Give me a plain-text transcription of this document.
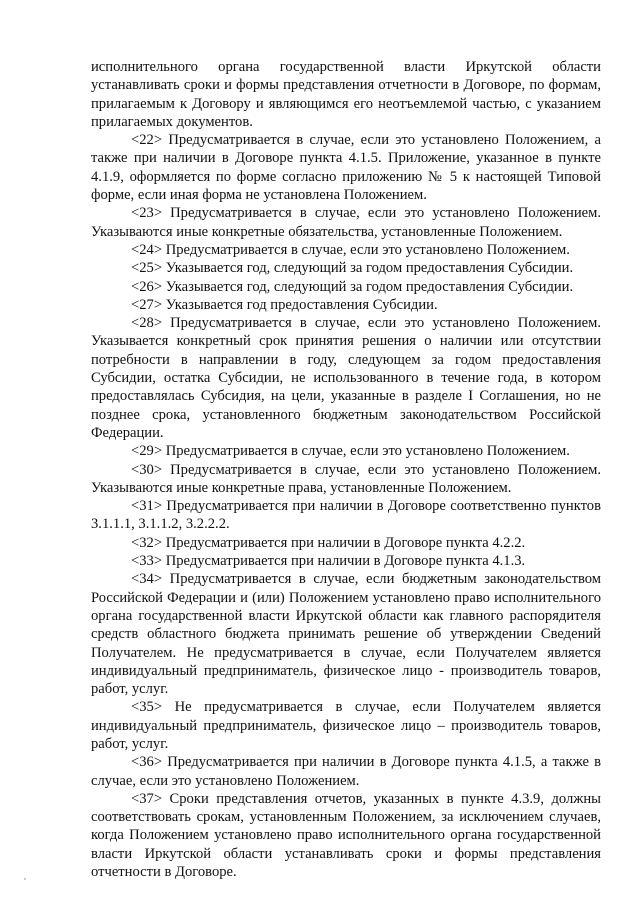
исполнительного органа государственной власти Иркутской области устанавливать сроки и формы представления отчетности в Договоре, по формам, прилагаемым к Договору и являющимся его неотъемлемой частью, с указанием прилагаемых документов.

<22> Предусматривается в случае, если это установлено Положением, а также при наличии в Договоре пункта 4.1.5. Приложение, указанное в пункте 4.1.9, оформляется по форме согласно приложению № 5 к настоящей Типовой форме, если иная форма не установлена Положением.

<23> Предусматривается в случае, если это установлено Положением. Указываются иные конкретные обязательства, установленные Положением.

<24> Предусматривается в случае, если это установлено Положением.

<25> Указывается год, следующий за годом предоставления Субсидии.

<26> Указывается год, следующий за годом предоставления Субсидии.

<27> Указывается год предоставления Субсидии.

<28> Предусматривается в случае, если это установлено Положением. Указывается конкретный срок принятия решения о наличии или отсутствии потребности в направлении в году, следующем за годом предоставления Субсидии, остатка Субсидии, не использованного в течение года, в котором предоставлялась Субсидия, на цели, указанные в разделе I Соглашения, но не позднее срока, установленного бюджетным законодательством Российской Федерации.

<29> Предусматривается в случае, если это установлено Положением.

<30> Предусматривается в случае, если это установлено Положением. Указываются иные конкретные права, установленные Положением.

<31> Предусматривается при наличии в Договоре соответственно пунктов 3.1.1.1, 3.1.1.2, 3.2.2.2.

<32> Предусматривается при наличии в Договоре пункта 4.2.2.

<33> Предусматривается при наличии в Договоре пункта 4.1.3.

<34> Предусматривается в случае, если бюджетным законодательством Российской Федерации и (или) Положением установлено право исполнительного органа государственной власти Иркутской области как главного распорядителя средств областного бюджета принимать решение об утверждении Сведений Получателем. Не предусматривается в случае, если Получателем является индивидуальный предприниматель, физическое лицо - производитель товаров, работ, услуг.

<35> Не предусматривается в случае, если Получателем является индивидуальный предприниматель, физическое лицо – производитель товаров, работ, услуг.

<36> Предусматривается при наличии в Договоре пункта 4.1.5, а также в случае, если это установлено Положением.

<37> Сроки представления отчетов, указанных в пункте 4.3.9, должны соответствовать срокам, установленным Положением, за исключением случаев, когда Положением установлено право исполнительного органа государственной власти Иркутской области устанавливать сроки и формы представления отчетности в Договоре.
